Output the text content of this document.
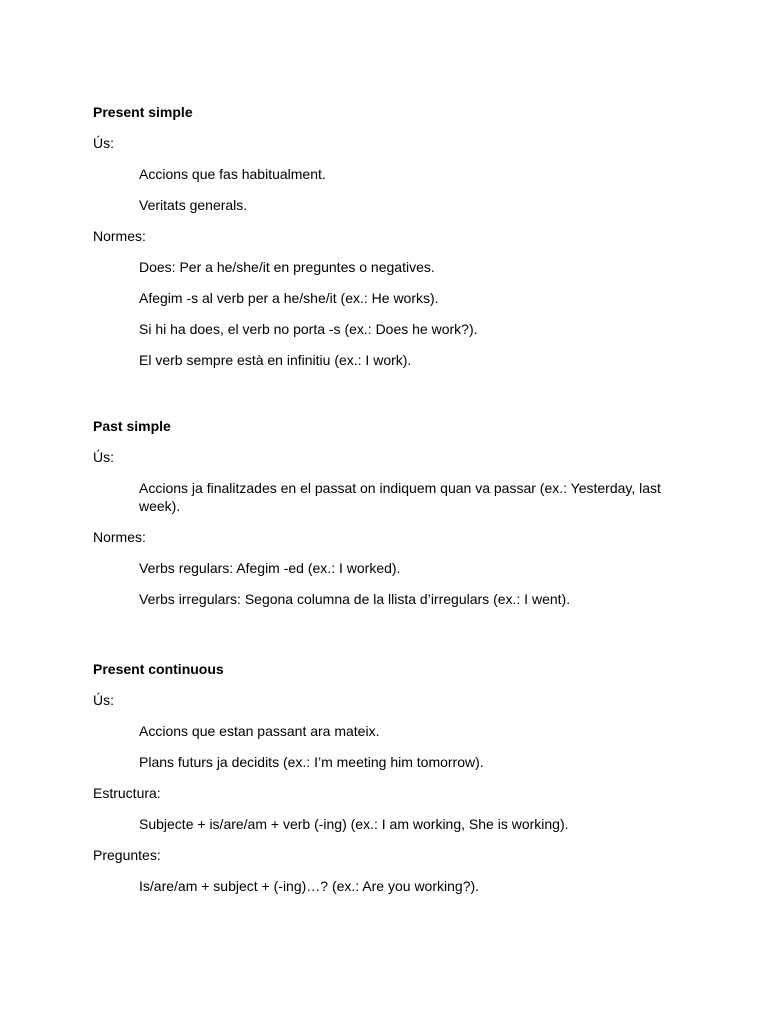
Present simple

Ús:

Accions que fas habitualment.

Veritats generals.

Normes:

Does: Per a he/she/it en preguntes o negatives.

Afegim -s al verb per a he/she/it (ex.: He works).

Si hi ha does, el verb no porta -s (ex.: Does he work?).

El verb sempre està en infinitiu (ex.: I work).

Past simple

Ús:

Accions ja finalitzades en el passat on indiquem quan va passar (ex.: Yesterday, last week).

Normes:

Verbs regulars: Afegim -ed (ex.: I worked).

Verbs irregulars: Segona columna de la llista d’irregulars (ex.: I went).

Present continuous

Ús:

Accions que estan passant ara mateix.

Plans futurs ja decidits (ex.: I’m meeting him tomorrow).

Estructura:

Subjecte + is/are/am + verb (-ing) (ex.: I am working, She is working).

Preguntes:

Is/are/am + subject + (-ing)…? (ex.: Are you working?).
